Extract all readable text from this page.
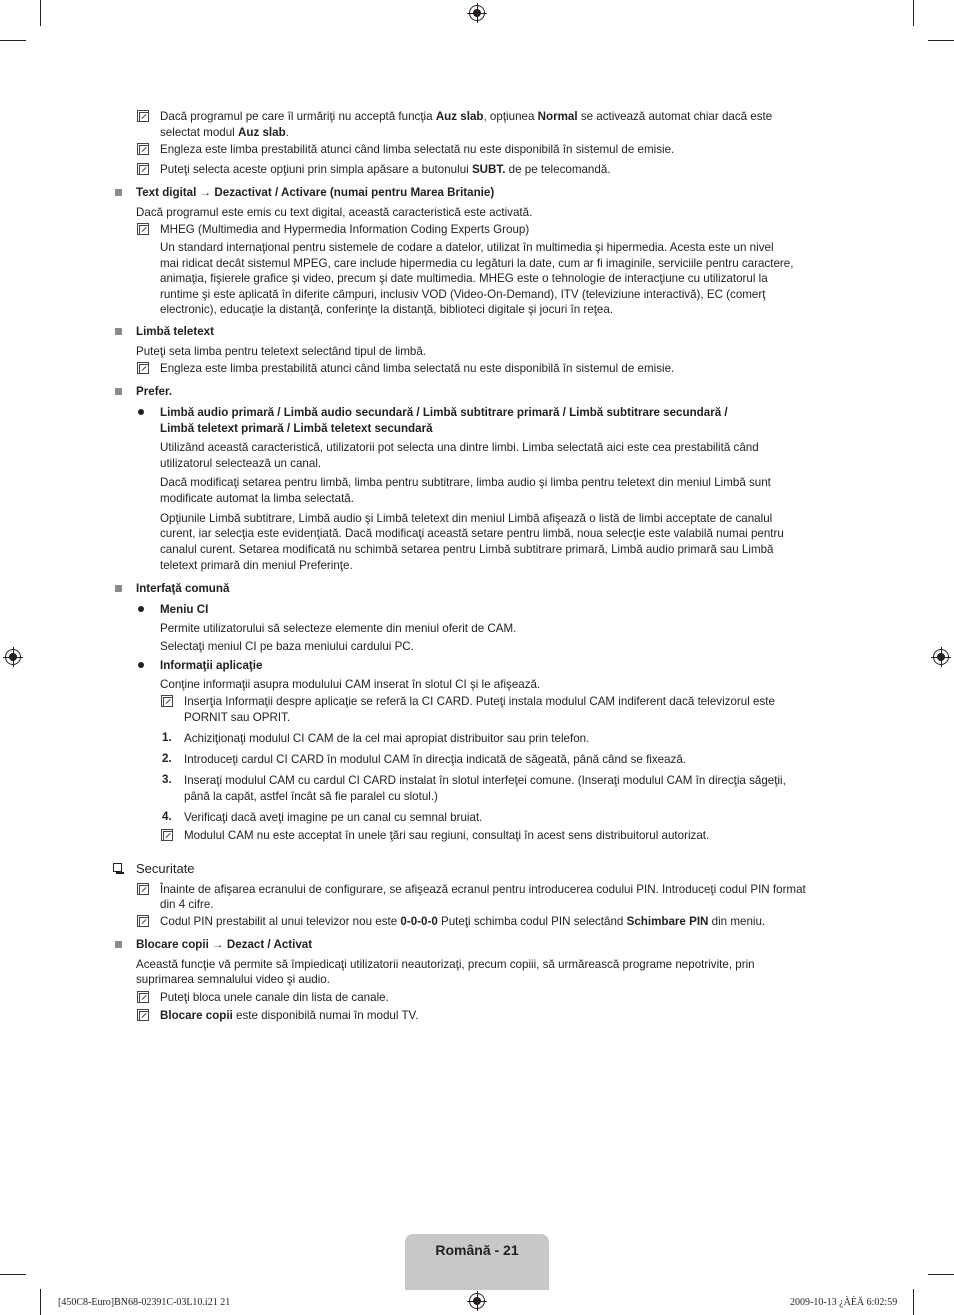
Dacă programul pe care îl urmăriţi nu acceptă funcţia Auz slab, opţiunea Normal se activează automat chiar dacă este
selectat modul Auz slab.
Engleza este limba prestabilită atunci când limba selectată nu este disponibilă în sistemul de emisie.
Puteţi selecta aceste opţiuni prin simpla apăsare a butonului SUBT. de pe telecomandă.
Text digital → Dezactivat / Activare (numai pentru Marea Britanie)
Dacă programul este emis cu text digital, această caracteristică este activată.
MHEG (Multimedia and Hypermedia Information Coding Experts Group)
Un standard internaţional pentru sistemele de codare a datelor, utilizat în multimedia şi hipermedia. Acesta este un nivel
mai ridicat decât sistemul MPEG, care include hipermedia cu legături la date, cum ar fi imaginile, serviciile pentru caractere,
animaţia, fişierele grafice şi video, precum şi date multimedia. MHEG este o tehnologie de interacţiune cu utilizatorul la
runtime şi este aplicată în diferite câmpuri, inclusiv VOD (Video-On-Demand), ITV (televiziune interactivă), EC (comerţ
electronic), educaţie la distanţă, conferinţe la distanţă, biblioteci digitale şi jocuri în reţea.
Limbă teletext
Puteţi seta limba pentru teletext selectând tipul de limbă.
Engleza este limba prestabilită atunci când limba selectată nu este disponibilă în sistemul de emisie.
Prefer.
Limbă audio primară / Limbă audio secundară / Limbă subtitrare primară / Limbă subtitrare secundară /
Limbă teletext primară / Limbă teletext secundară
Utilizând această caracteristică, utilizatorii pot selecta una dintre limbi. Limba selectată aici este cea prestabilită când
utilizatorul selectează un canal.
Dacă modificaţi setarea pentru limbă, limba pentru subtitrare, limba audio şi limba pentru teletext din meniul Limbă sunt
modificate automat la limba selectată.
Opţiunile Limbă subtitrare, Limbă audio şi Limbă teletext din meniul Limbă afişează o listă de limbi acceptate de canalul
curent, iar selecţia este evidenţiată. Dacă modificaţi această setare pentru limbă, noua selecţie este valabilă numai pentru
canalul curent. Setarea modificată nu schimbă setarea pentru Limbă subtitrare primară, Limbă audio primară sau Limbă
teletext primară din meniul Preferinţe.
Interfaţă comună
Meniu CI
Permite utilizatorului să selecteze elemente din meniul oferit de CAM.
Selectaţi meniul CI pe baza meniului cardului PC.
Informaţii aplicaţie
Conţine informaţii asupra modulului CAM inserat în slotul CI şi le afişează.
Inserţia Informaţii despre aplicaţie se referă la CI CARD. Puteţi instala modulul CAM indiferent dacă televizorul este
PORNIT sau OPRIT.
1. Achiziţionaţi modulul CI CAM de la cel mai apropiat distribuitor sau prin telefon.
2. Introduceţi cardul CI CARD în modulul CAM în direcţia indicată de săgeată, până când se fixează.
3. Inseraţi modulul CAM cu cardul CI CARD instalat în slotul interfeţei comune. (Inseraţi modulul CAM în direcţia săgeţii,
până la capăt, astfel încât să fie paralel cu slotul.)
4. Verificaţi dacă aveţi imagine pe un canal cu semnal bruiat.
Modulul CAM nu este acceptat în unele ţări sau regiuni, consultaţi în acest sens distribuitorul autorizat.
Securitate
Înainte de afişarea ecranului de configurare, se afişează ecranul pentru introducerea codului PIN. Introduceţi codul PIN format
din 4 cifre.
Codul PIN prestabilit al unui televizor nou este 0-0-0-0 Puteţi schimba codul PIN selectând Schimbare PIN din meniu.
Blocare copii → Dezact / Activat
Această funcţie vă permite să împiedicaţi utilizatorii neautorizaţi, precum copiii, să urmărească programe nepotrivite, prin
suprimarea semnalului video şi audio.
Puteţi bloca unele canale din lista de canale.
Blocare copii este disponibilă numai în modul TV.
Română - 21
[450C8-Euro]BN68-02391C-03L10.i21 21	2009-10-13 ¿ÀÈÄ 6:02:59
